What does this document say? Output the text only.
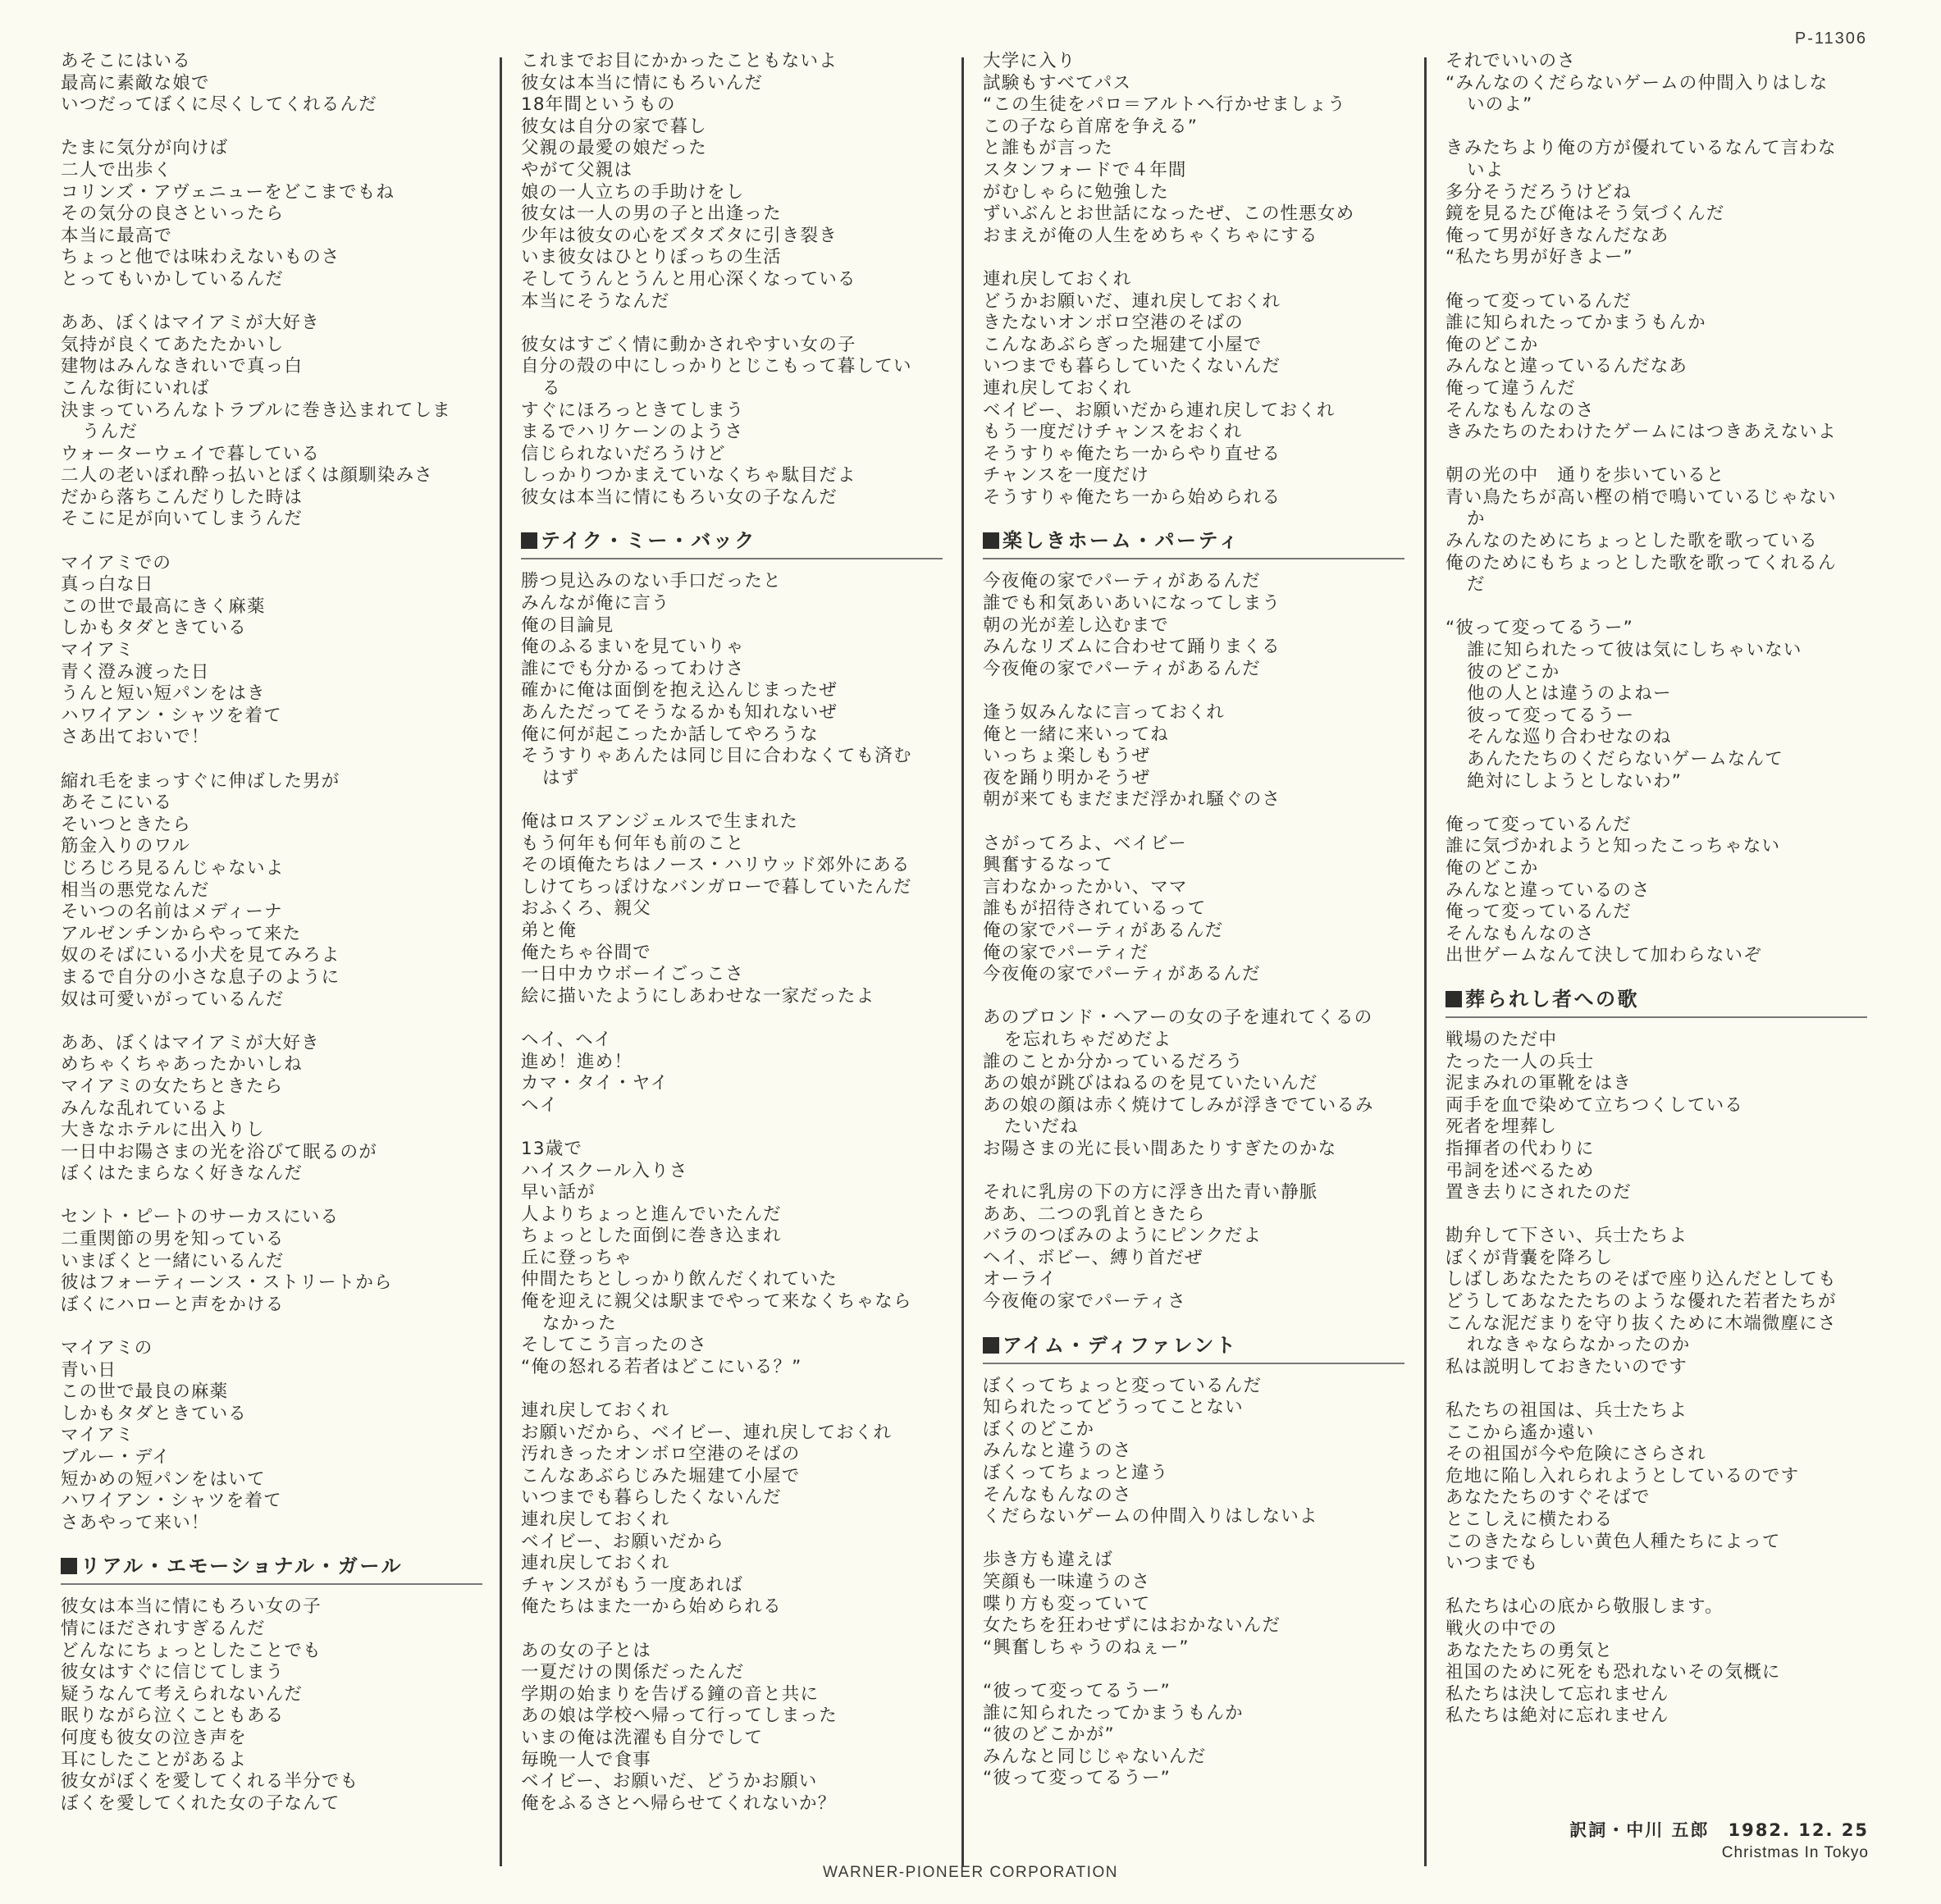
P-11306
あそこにはいる
最高に素敵な娘で
いつだってぼくに尽くしてくれるんだ
たまに気分が向けば
二人で出歩く
コリンズ・アヴェニューをどこまでもね
その気分の良さといったら
本当に最高で
ちょっと他では味わえないものさ
とってもいかしているんだ
ああ、ぼくはマイアミが大好き
気持が良くてあたたかいし
建物はみんなきれいで真っ白
こんな街にいれば
決まっていろんなトラブルに巻き込まれてしま
うんだ
ウォーターウェイで暮している
二人の老いぼれ酔っ払いとぼくは顔馴染みさ
だから落ちこんだりした時は
そこに足が向いてしまうんだ
マイアミでの
真っ白な日
この世で最高にきく麻薬
しかもタダときている
マイアミ
青く澄み渡った日
うんと短い短パンをはき
ハワイアン・シャツを着て
さあ出ておいで！
縮れ毛をまっすぐに伸ばした男が
あそこにいる
そいつときたら
筋金入りのワル
じろじろ見るんじゃないよ
相当の悪党なんだ
そいつの名前はメディーナ
アルゼンチンからやって来た
奴のそばにいる小犬を見てみろよ
まるで自分の小さな息子のように
奴は可愛いがっているんだ
ああ、ぼくはマイアミが大好き
めちゃくちゃあったかいしね
マイアミの女たちときたら
みんな乱れているよ
大きなホテルに出入りし
一日中お陽さまの光を浴びて眠るのが
ぼくはたまらなく好きなんだ
セント・ピートのサーカスにいる
二重関節の男を知っている
いまぼくと一緒にいるんだ
彼はフォーティーンス・ストリートから
ぼくにハローと声をかける
マイアミの
青い日
この世で最良の麻薬
しかもタダときている
マイアミ
ブルー・デイ
短かめの短パンをはいて
ハワイアン・シャツを着て
さあやって来い！
リアル・エモーショナル・ガール
彼女は本当に情にもろい女の子
情にほだされすぎるんだ
どんなにちょっとしたことでも
彼女はすぐに信じてしまう
疑うなんて考えられないんだ
眠りながら泣くこともある
何度も彼女の泣き声を
耳にしたことがあるよ
彼女がぼくを愛してくれる半分でも
ぼくを愛してくれた女の子なんて
これまでお目にかかったこともないよ
彼女は本当に情にもろいんだ
18年間というもの
彼女は自分の家で暮し
父親の最愛の娘だった
やがて父親は
娘の一人立ちの手助けをし
彼女は一人の男の子と出逢った
少年は彼女の心をズタズタに引き裂き
いま彼女はひとりぼっちの生活
そしてうんとうんと用心深くなっている
本当にそうなんだ
彼女はすごく情に動かされやすい女の子
自分の殻の中にしっかりとじこもって暮してい
る
すぐにほろっときてしまう
まるでハリケーンのようさ
信じられないだろうけど
しっかりつかまえていなくちゃ駄目だよ
彼女は本当に情にもろい女の子なんだ
テイク・ミー・バック
勝つ見込みのない手口だったと
みんなが俺に言う
俺の目論見
俺のふるまいを見ていりゃ
誰にでも分かるってわけさ
確かに俺は面倒を抱え込んじまったぜ
あんただってそうなるかも知れないぜ
俺に何が起こったか話してやろうな
そうすりゃあんたは同じ目に合わなくても済む
はず
俺はロスアンジェルスで生まれた
もう何年も何年も前のこと
その頃俺たちはノース・ハリウッド郊外にある
しけてちっぽけなバンガローで暮していたんだ
おふくろ、親父
弟と俺
俺たちゃ谷間で
一日中カウボーイごっこさ
絵に描いたようにしあわせな一家だったよ
ヘイ、ヘイ
進め！進め！
カマ・タイ・ヤイ
ヘイ
13歳で
ハイスクール入りさ
早い話が
人よりちょっと進んでいたんだ
ちょっとした面倒に巻き込まれ
丘に登っちゃ
仲間たちとしっかり飲んだくれていた
俺を迎えに親父は駅までやって来なくちゃなら
なかった
そしてこう言ったのさ
“俺の怒れる若者はどこにいる？”
連れ戻しておくれ
お願いだから、ベイビー、連れ戻しておくれ
汚れきったオンボロ空港のそばの
こんなあぶらじみた堀建て小屋で
いつまでも暮らしたくないんだ
連れ戻しておくれ
ベイビー、お願いだから
連れ戻しておくれ
チャンスがもう一度あれば
俺たちはまた一から始められる
あの女の子とは
一夏だけの関係だったんだ
学期の始まりを告げる鐘の音と共に
あの娘は学校へ帰って行ってしまった
いまの俺は洗濯も自分でして
毎晩一人で食事
ベイビー、お願いだ、どうかお願い
俺をふるさとへ帰らせてくれないか？
大学に入り
試験もすべてパス
“この生徒をパロ＝アルトへ行かせましょう
この子なら首席を争える”
と誰もが言った
スタンフォードで４年間
がむしゃらに勉強した
ずいぶんとお世話になったぜ、この性悪女め
おまえが俺の人生をめちゃくちゃにする
連れ戻しておくれ
どうかお願いだ、連れ戻しておくれ
きたないオンボロ空港のそばの
こんなあぶらぎった堀建て小屋で
いつまでも暮らしていたくないんだ
連れ戻しておくれ
ベイビー、お願いだから連れ戻しておくれ
もう一度だけチャンスをおくれ
そうすりゃ俺たち一からやり直せる
チャンスを一度だけ
そうすりゃ俺たち一から始められる
楽しきホーム・パーティ
今夜俺の家でパーティがあるんだ
誰でも和気あいあいになってしまう
朝の光が差し込むまで
みんなリズムに合わせて踊りまくる
今夜俺の家でパーティがあるんだ
逢う奴みんなに言っておくれ
俺と一緒に来いってね
いっちょ楽しもうぜ
夜を踊り明かそうぜ
朝が来てもまだまだ浮かれ騒ぐのさ
さがってろよ、ベイビー
興奮するなって
言わなかったかい、ママ
誰もが招待されているって
俺の家でパーティがあるんだ
俺の家でパーティだ
今夜俺の家でパーティがあるんだ
あのブロンド・ヘアーの女の子を連れてくるの
を忘れちゃだめだよ
誰のことか分かっているだろう
あの娘が跳びはねるのを見ていたいんだ
あの娘の顔は赤く焼けてしみが浮きでているみ
たいだね
お陽さまの光に長い間あたりすぎたのかな
それに乳房の下の方に浮き出た青い静脈
ああ、二つの乳首ときたら
バラのつぼみのようにピンクだよ
ヘイ、ボビー、縛り首だぜ
オーライ
今夜俺の家でパーティさ
アイム・ディファレント
ぼくってちょっと変っているんだ
知られたってどうってことない
ぼくのどこか
みんなと違うのさ
ぼくってちょっと違う
そんなもんなのさ
くだらないゲームの仲間入りはしないよ
歩き方も違えば
笑顔も一味違うのさ
喋り方も変っていて
女たちを狂わせずにはおかないんだ
“興奮しちゃうのねぇー”
“彼って変ってるうー”
誰に知られたってかまうもんか
“彼のどこかが”
みんなと同じじゃないんだ
“彼って変ってるうー”
それでいいのさ
“みんなのくだらないゲームの仲間入りはしな
いのよ”
きみたちより俺の方が優れているなんて言わな
いよ
多分そうだろうけどね
鏡を見るたび俺はそう気づくんだ
俺って男が好きなんだなあ
“私たち男が好きよー”
俺って変っているんだ
誰に知られたってかまうもんか
俺のどこか
みんなと違っているんだなあ
俺って違うんだ
そんなもんなのさ
きみたちのたわけたゲームにはつきあえないよ
朝の光の中　通りを歩いていると
青い鳥たちが高い樫の梢で鳴いているじゃない
か
みんなのためにちょっとした歌を歌っている
俺のためにもちょっとした歌を歌ってくれるん
だ
“彼って変ってるうー”
誰に知られたって彼は気にしちゃいない
彼のどこか
他の人とは違うのよねー
彼って変ってるうー
そんな巡り合わせなのね
あんたたちのくだらないゲームなんて
絶対にしようとしないわ”
俺って変っているんだ
誰に気づかれようと知ったこっちゃない
俺のどこか
みんなと違っているのさ
俺って変っているんだ
そんなもんなのさ
出世ゲームなんて決して加わらないぞ
葬られし者への歌
戦場のただ中
たった一人の兵士
泥まみれの軍靴をはき
両手を血で染めて立ちつくしている
死者を埋葬し
指揮者の代わりに
弔詞を述べるため
置き去りにされたのだ
勘弁して下さい、兵士たちよ
ぼくが背嚢を降ろし
しばしあなたたちのそばで座り込んだとしても
どうしてあなたたちのような優れた若者たちが
こんな泥だまりを守り抜くために木端微塵にさ
れなきゃならなかったのか
私は説明しておきたいのです
私たちの祖国は、兵士たちよ
ここから遙か遠い
その祖国が今や危険にさらされ
危地に陥し入れられようとしているのです
あなたたちのすぐそばで
とこしえに横たわる
このきたならしい黄色人種たちによって
いつまでも
私たちは心の底から敬服します。
戦火の中での
あなたたちの勇気と
祖国のために死をも恐れないその気概に
私たちは決して忘れません
私たちは絶対に忘れません
訳詞・中川 五郎　1982. 12. 25
Christmas In Tokyo
WARNER-PIONEER CORPORATION
